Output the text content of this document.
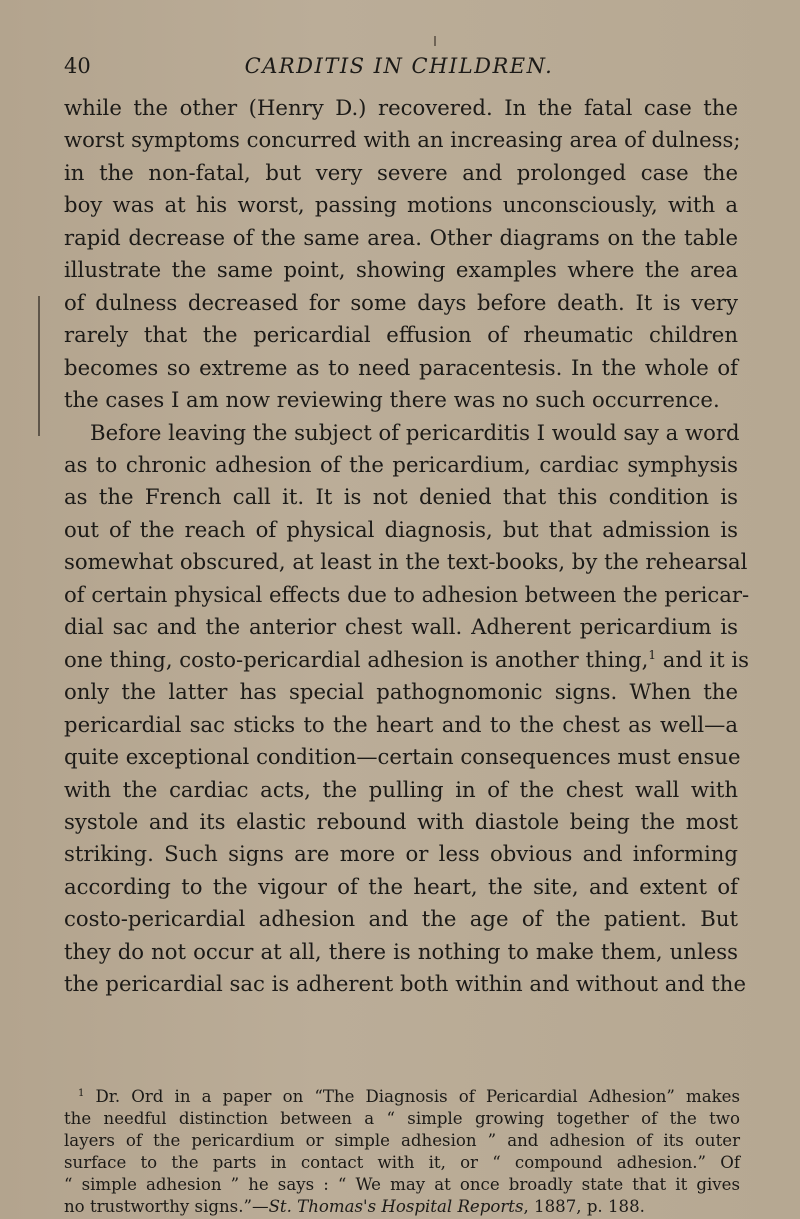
40	CARDITIS IN CHILDREN.
while the other (Henry D.) recovered. In the fatal case the
worst symptoms concurred with an increasing area of dulness;
in the non-fatal, but very severe and prolonged case the
boy was at his worst, passing motions unconsciously, with a
rapid decrease of the same area. Other diagrams on the table
illustrate the same point, showing examples where the area
of dulness decreased for some days before death. It is very
rarely that the pericardial effusion of rheumatic children
becomes so extreme as to need paracentesis. In the whole of
the cases I am now reviewing there was no such occurrence.
Before leaving the subject of pericarditis I would say a word
as to chronic adhesion of the pericardium, cardiac symphysis
as the French call it. It is not denied that this condition is
out of the reach of physical diagnosis, but that admission is
somewhat obscured, at least in the text-books, by the rehearsal
of certain physical effects due to adhesion between the pericar-
dial sac and the anterior chest wall. Adherent pericardium is
one thing, costo-pericardial adhesion is another thing,$^1$ and it is
only the latter has special pathognomonic signs. When the
pericardial sac sticks to the heart and to the chest as well—a
quite exceptional condition—certain consequences must ensue
with the cardiac acts, the pulling in of the chest wall with
systole and its elastic rebound with diastole being the most
striking. Such signs are more or less obvious and informing
according to the vigour of the heart, the site, and extent of
costo-pericardial adhesion and the age of the patient. But
they do not occur at all, there is nothing to make them, unless
the pericardial sac is adherent both within and without and the
$^1$ Dr. Ord in a paper on “The Diagnosis of Pericardial Adhesion” makes
the needful distinction between a “ simple growing together of the two
layers of the pericardium or simple adhesion ” and adhesion of its outer
surface to the parts in contact with it, or “ compound adhesion.” Of
“ simple adhesion ” he says : “ We may at once broadly state that it gives
no trustworthy signs.”—St. Thomas's Hospital Reports, 1887, p. 188.
